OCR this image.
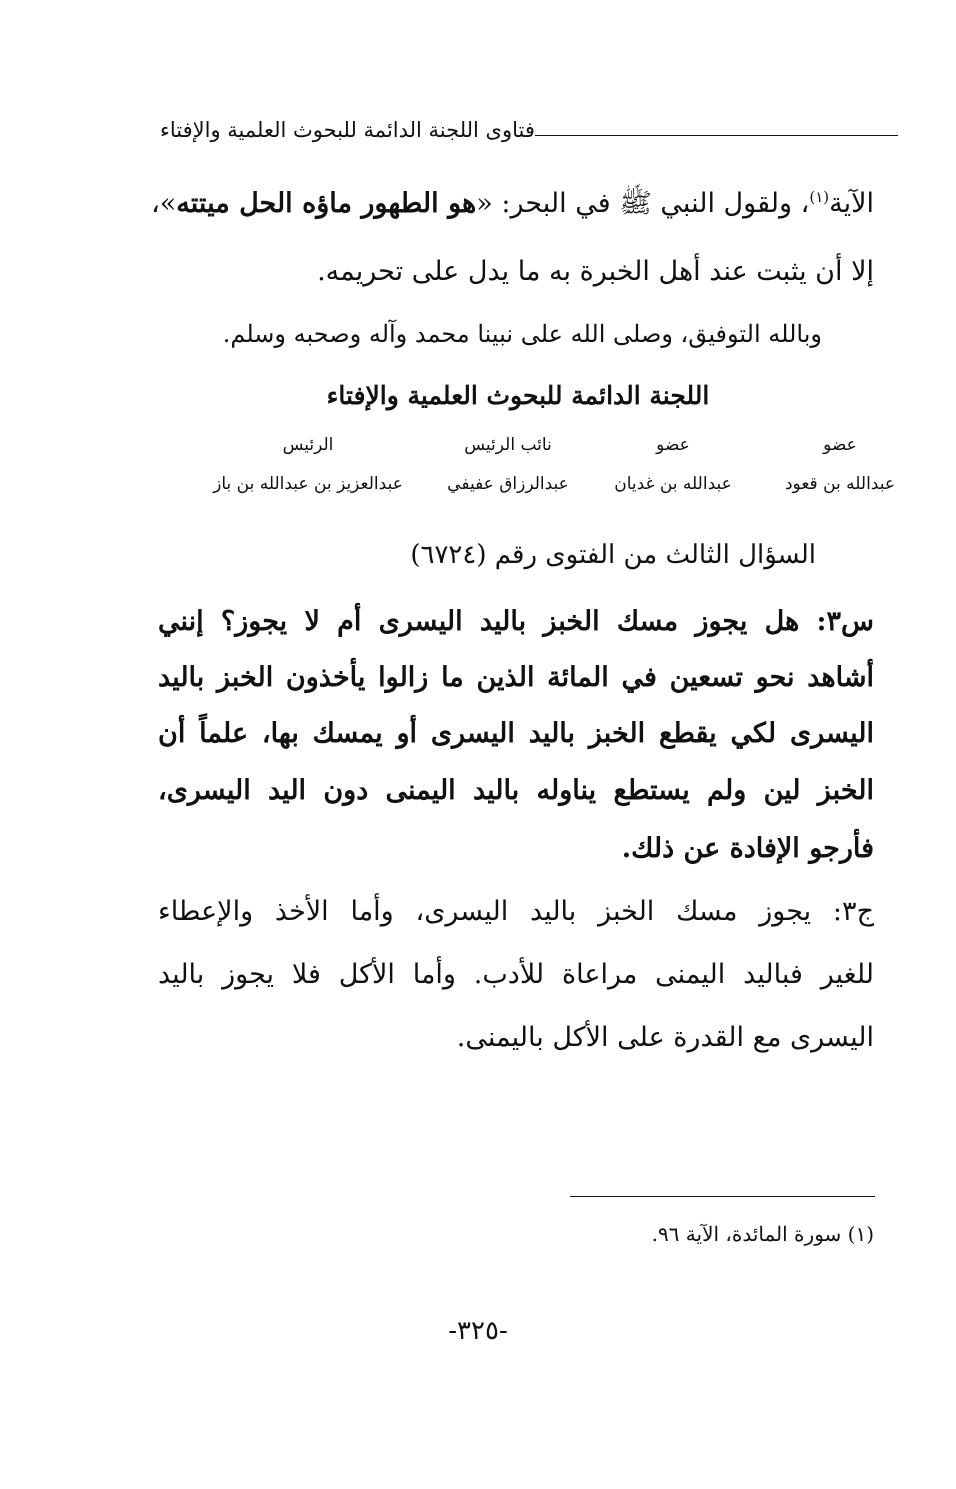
فتاوى اللجنة الدائمة للبحوث العلمية والإفتاء
الآية$^{(١)}$، ولقول النبي ﷺ في البحر: «هو الطهور ماؤه الحل ميتته»،
إلا أن يثبت عند أهل الخبرة به ما يدل على تحريمه.
وبالله التوفيق، وصلى الله على نبينا محمد وآله وصحبه وسلم.
اللجنة الدائمة للبحوث العلمية والإفتاء
عضو
عبدالله بن قعود
عضو
عبدالله بن غديان
نائب الرئيس
عبدالرزاق عفيفي
الرئيس
عبدالعزيز بن عبدالله بن باز
السؤال الثالث من الفتوى رقم (٦٧٢٤)
س٣: هل يجوز مسك الخبز باليد اليسرى أم لا يجوز؟ إنني
أشاهد نحو تسعين في المائة الذين ما زالوا يأخذون الخبز باليد
اليسرى لكي يقطع الخبز باليد اليسرى أو يمسك بها، علماً أن
الخبز لين ولم يستطع يناوله باليد اليمنى دون اليد اليسرى،
فأرجو الإفادة عن ذلك.
ج٣: يجوز مسك الخبز باليد اليسرى، وأما الأخذ والإعطاء
للغير فباليد اليمنى مراعاة للأدب. وأما الأكل فلا يجوز باليد
اليسرى مع القدرة على الأكل باليمنى.
(١) سورة المائدة، الآية ٩٦.
-٣٢٥-
